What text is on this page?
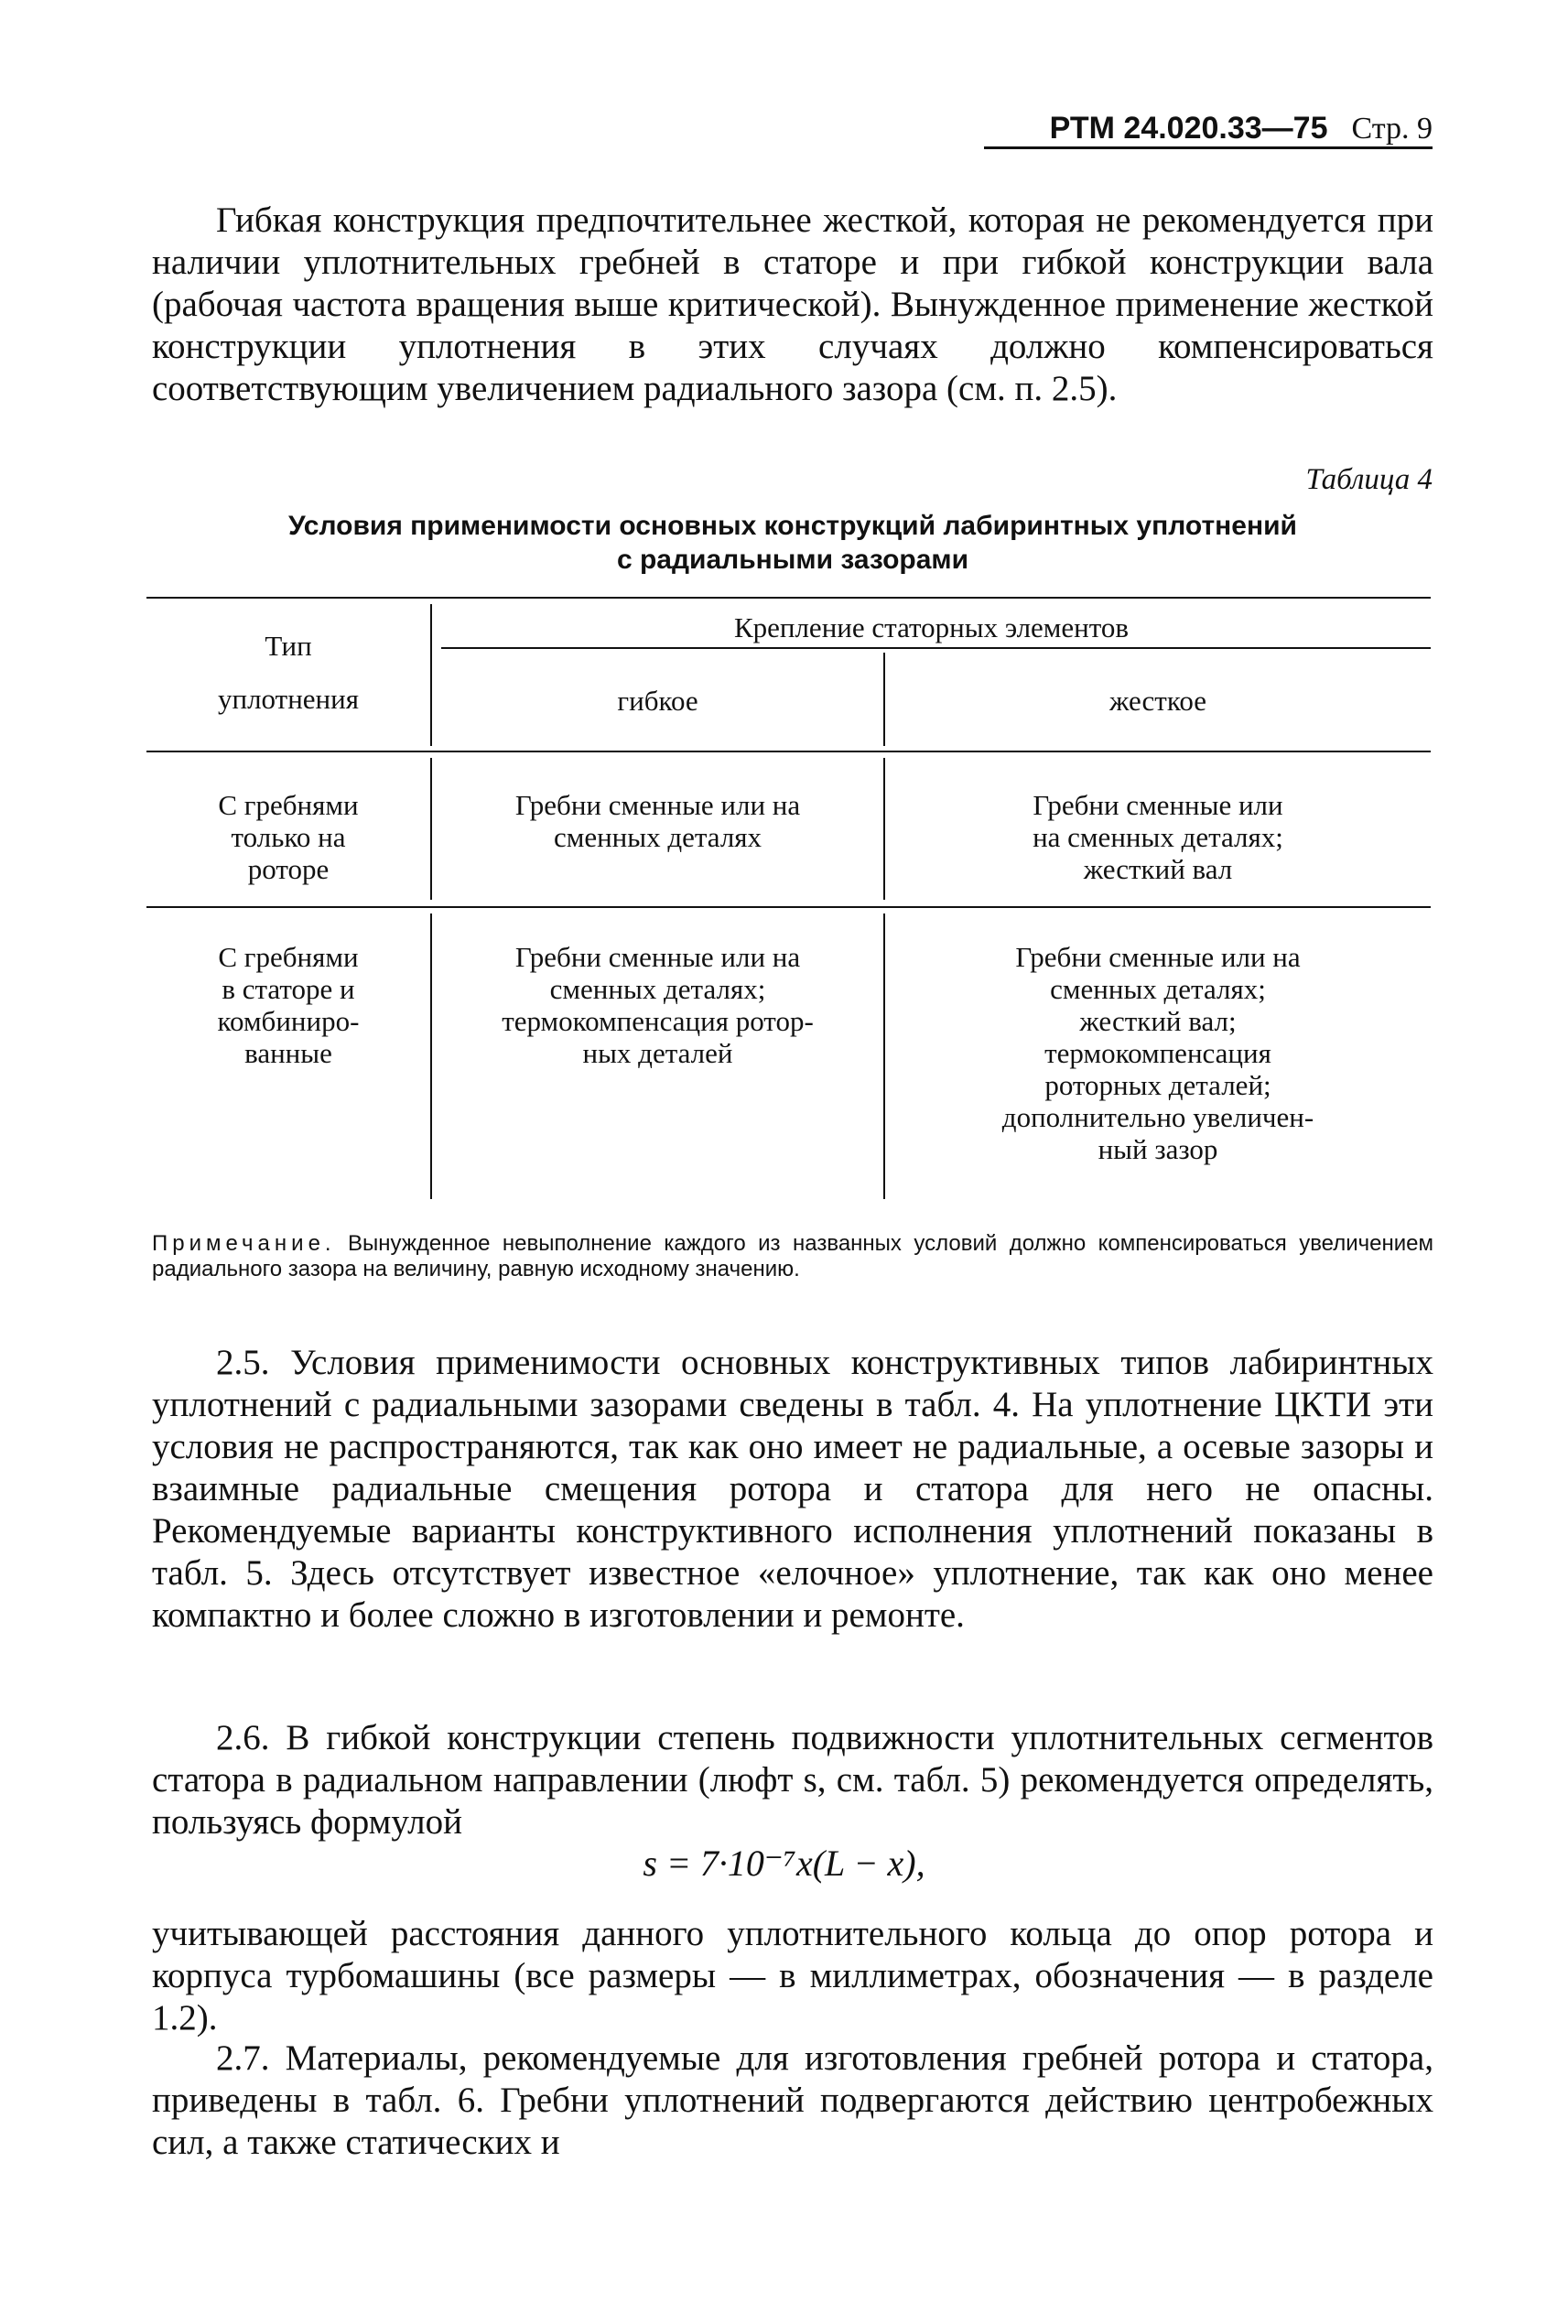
РТМ 24.020.33—75 Стр. 9
Гибкая конструкция предпочтительнее жесткой, которая не рекомендуется при наличии уплотнительных гребней в статоре и при гибкой конструкции вала (рабочая частота вращения выше критической). Вынужденное применение жесткой конструкции уплотнения в этих случаях должно компенсироваться соответствующим увеличением радиального зазора (см. п. 2.5).
Таблица 4
Условия применимости основных конструкций лабиринтных уплотнений
с радиальными зазорами
Тип
уплотнения
Крепление статорных элементов
гибкое	жесткое
С гребнями
только на
роторе
Гребни сменные или на
сменных деталях
Гребни сменные или
на сменных деталях;
жесткий вал
С гребнями
в статоре и
комбиниро-
ванные
Гребни сменные или на
сменных деталях;
термокомпенсация ротор-
ных деталей
Гребни сменные или на
сменных деталях;
жесткий вал;
термокомпенсация
роторных деталей;
дополнительно увеличен-
ный зазор
Примечание. Вынужденное невыполнение каждого из названных условий должно компенсироваться увеличением радиального зазора на величину, равную исходному значению.
2.5. Условия применимости основных конструктивных типов лабиринтных уплотнений с радиальными зазорами сведены в табл. 4. На уплотнение ЦКТИ эти условия не распространяются, так как оно имеет не радиальные, а осевые зазоры и взаимные радиальные смещения ротора и статора для него не опасны. Рекомендуемые варианты конструктивного исполнения уплотнений показаны в табл. 5. Здесь отсутствует известное «елочное» уплотнение, так как оно менее компактно и более сложно в изготовлении и ремонте.
2.6. В гибкой конструкции степень подвижности уплотнительных сегментов статора в радиальном направлении (люфт s, см. табл. 5) рекомендуется определять, пользуясь формулой
s = 7·10⁻⁷x(L − x),
учитывающей расстояния данного уплотнительного кольца до опор ротора и корпуса турбомашины (все размеры — в миллиметрах, обозначения — в разделе 1.2).
2.7. Материалы, рекомендуемые для изготовления гребней ротора и статора, приведены в табл. 6. Гребни уплотнений подвергаются действию центробежных сил, а также статических и
